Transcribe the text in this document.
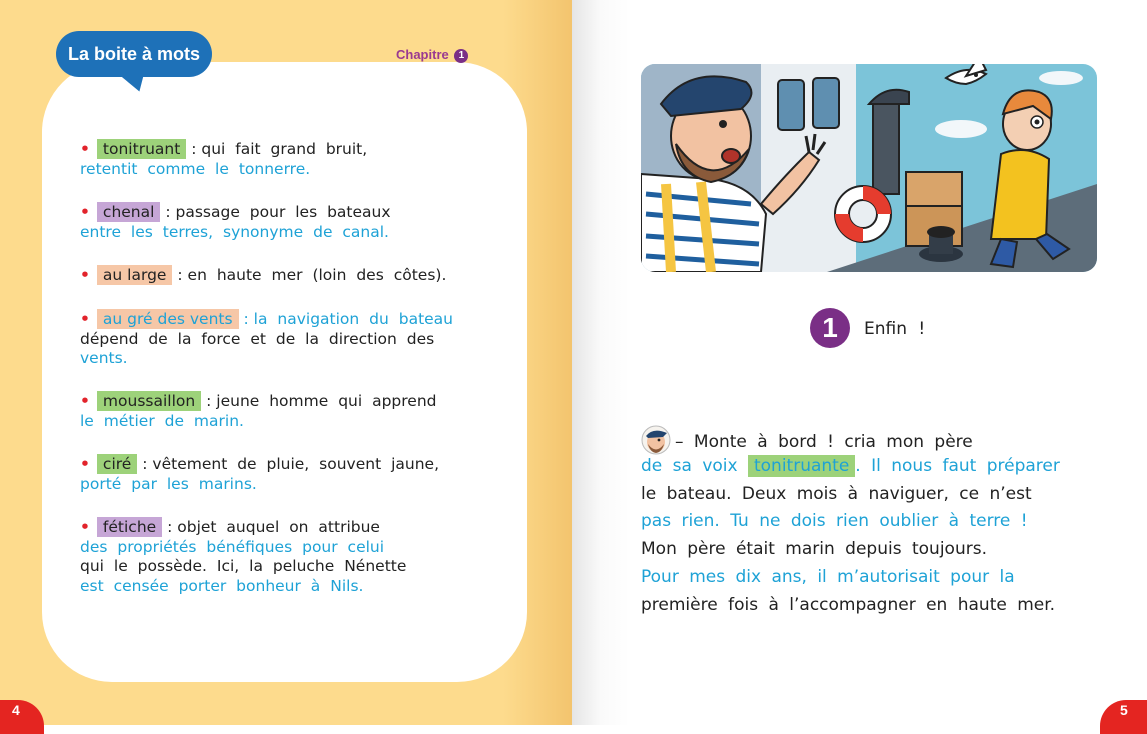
La boite à mots	Chapitre 1
• tonitruant : qui fait grand bruit,
retentit comme le tonnerre.
• chenal : passage pour les bateaux
entre les terres, synonyme de canal.
• au large : en haute mer (loin des côtes).
• au gré des vents : la navigation du bateau
dépend de la force et de la direction des
vents.
• moussaillon : jeune homme qui apprend
le métier de marin.
• ciré : vêtement de pluie, souvent jaune,
porté par les marins.
• fétiche : objet auquel on attribue
des propriétés bénéfiques pour celui
qui le possède. Ici, la peluche Nénette
est censée porter bonheur à Nils.
4
1	Enfin !
– Monte à bord ! cria mon père
de sa voix tonitruante . Il nous faut préparer
le bateau. Deux mois à naviguer, ce n’est
pas rien. Tu ne dois rien oublier à terre !
Mon père était marin depuis toujours.
Pour mes dix ans, il m’autorisait pour la
première fois à l’accompagner en haute mer.
5
